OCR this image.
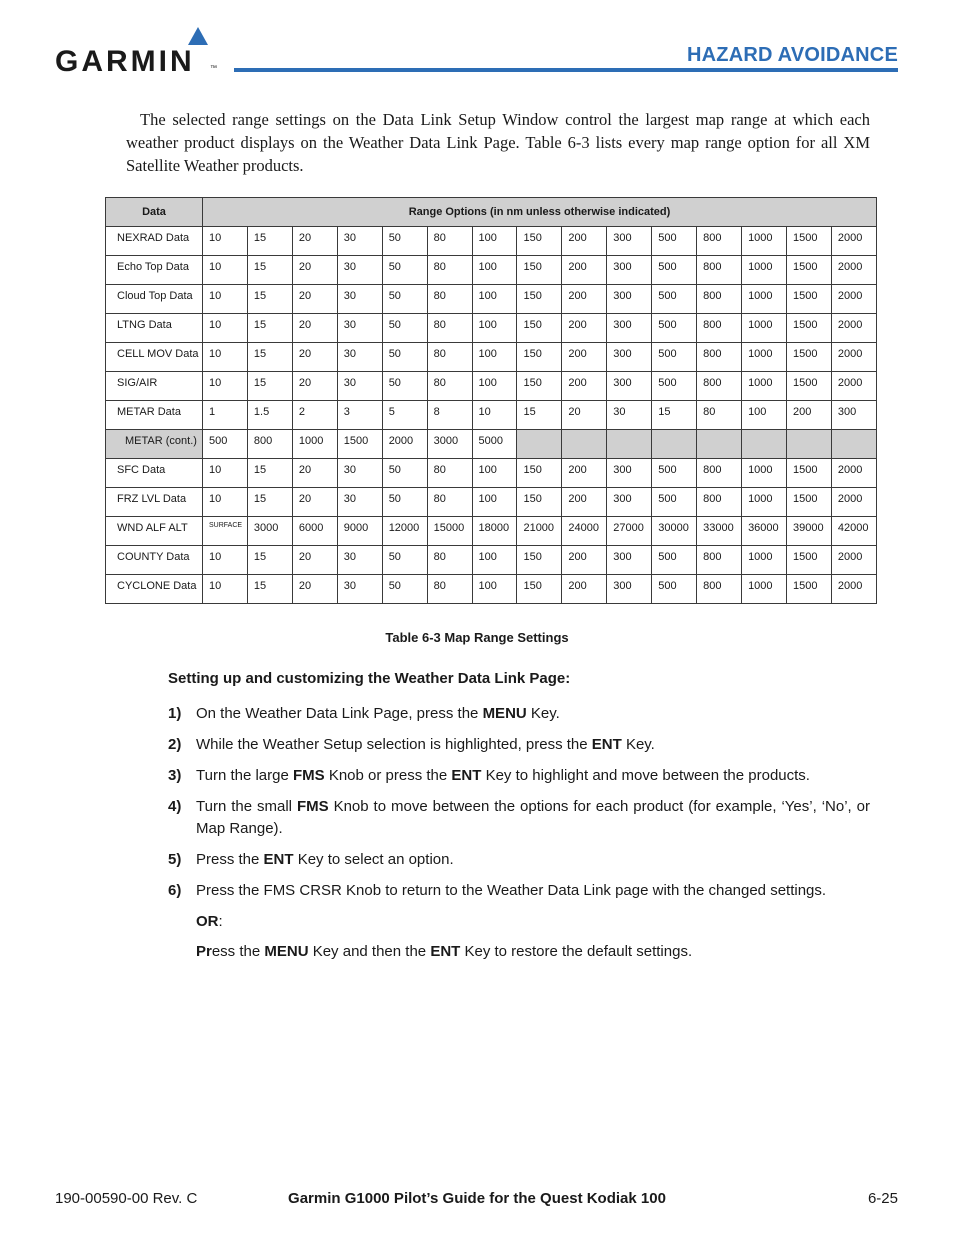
GARMIN ™
HAZARD AVOIDANCE

The selected range settings on the Data Link Setup Window control the largest map range at which each weather product displays on the Weather Data Link Page. Table 6-3 lists every map range option for all XM Satellite Weather products.

Data	Range Options (in nm unless otherwise indicated)														
NEXRAD Data	10	15	20	30	50	80	100	150	200	300	500	800	1000	1500	2000
Echo Top Data	10	15	20	30	50	80	100	150	200	300	500	800	1000	1500	2000
Cloud Top Data	10	15	20	30	50	80	100	150	200	300	500	800	1000	1500	2000
LTNG Data	10	15	20	30	50	80	100	150	200	300	500	800	1000	1500	2000
CELL MOV Data	10	15	20	30	50	80	100	150	200	300	500	800	1000	1500	2000
SIG/AIR	10	15	20	30	50	80	100	150	200	300	500	800	1000	1500	2000
METAR Data	1	1.5	2	3	5	8	10	15	20	30	15	80	100	200	300
METAR (cont.)	500	800	1000	1500	2000	3000	5000								
SFC Data	10	15	20	30	50	80	100	150	200	300	500	800	1000	1500	2000
FRZ LVL Data	10	15	20	30	50	80	100	150	200	300	500	800	1000	1500	2000
WND ALF ALT	SURFACE	3000	6000	9000	12000	15000	18000	21000	24000	27000	30000	33000	36000	39000	42000
COUNTY Data	10	15	20	30	50	80	100	150	200	300	500	800	1000	1500	2000
CYCLONE Data	10	15	20	30	50	80	100	150	200	300	500	800	1000	1500	2000
Table 6-3 Map Range Settings
Setting up and customizing the Weather Data Link Page:
1) On the Weather Data Link Page, press the MENU Key.
2) While the Weather Setup selection is highlighted, press the ENT Key.
3) Turn the large FMS Knob or press the ENT Key to highlight and move between the products.
4) Turn the small FMS Knob to move between the options for each product (for example, ‘Yes’, ‘No’, or Map Range).
5) Press the ENT Key to select an option.
6) Press the FMS CRSR Knob to return to the Weather Data Link page with the changed settings.
OR:
Press the MENU Key and then the ENT Key to restore the default settings.
190-00590-00 Rev. C	Garmin G1000 Pilot’s Guide for the Quest Kodiak 100	6-25
